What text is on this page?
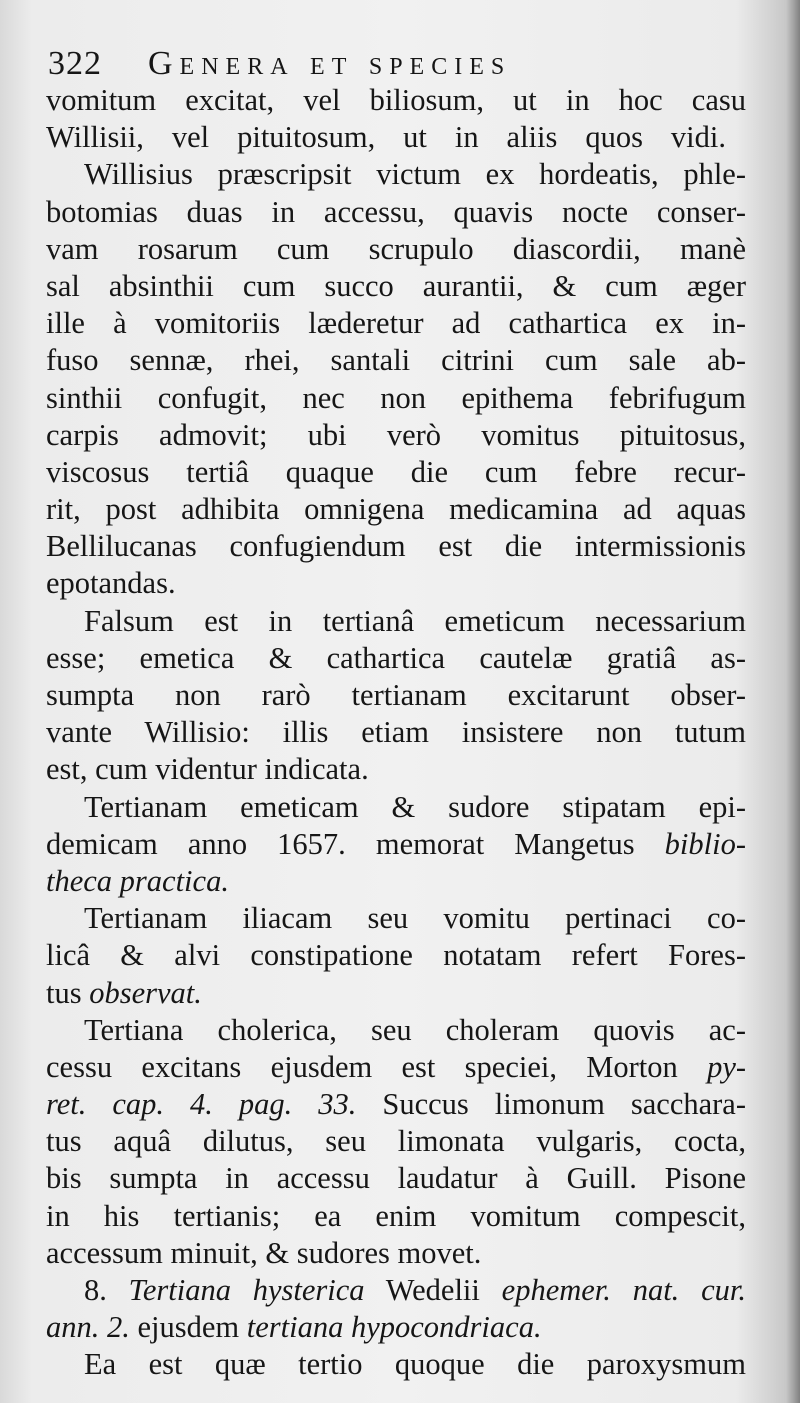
322 Genera et species
vomitum excitat, vel biliosum, ut in hoc casu
Willisii, vel pituitosum, ut in aliis quos vidi.
Willisius præscripsit victum ex hordeatis, phle-
botomias duas in accessu, quavis nocte conser-
vam rosarum cum scrupulo diascordii, manè
sal absinthii cum succo aurantii, & cum æger
ille à vomitoriis læderetur ad cathartica ex in-
fuso sennæ, rhei, santali citrini cum sale ab-
sinthii confugit, nec non epithema febrifugum
carpis admovit; ubi verò vomitus pituitosus,
viscosus tertiâ quaque die cum febre recur-
rit, post adhibita omnigena medicamina ad aquas
Bellilucanas confugiendum est die intermissionis
epotandas.
Falsum est in tertianâ emeticum necessarium
esse; emetica & cathartica cautelæ gratiâ as-
sumpta non rarò tertianam excitarunt obser-
vante Willisio: illis etiam insistere non tutum
est, cum videntur indicata.
Tertianam emeticam & sudore stipatam epi-
demicam anno 1657. memorat Mangetus biblio-
theca practica.
Tertianam iliacam seu vomitu pertinaci co-
licâ & alvi constipatione notatam refert Fores-
tus observat.
Tertiana cholerica, seu choleram quovis ac-
cessu excitans ejusdem est speciei, Morton py-
ret. cap. 4. pag. 33. Succus limonum sacchara-
tus aquâ dilutus, seu limonata vulgaris, cocta,
bis sumpta in accessu laudatur à Guill. Pisone
in his tertianis; ea enim vomitum compescit,
accessum minuit, & sudores movet.
8. Tertiana hysterica Wedelii ephemer. nat. cur.
ann. 2. ejusdem tertiana hypocondriaca.
Ea est quæ tertio quoque die paroxysmum
